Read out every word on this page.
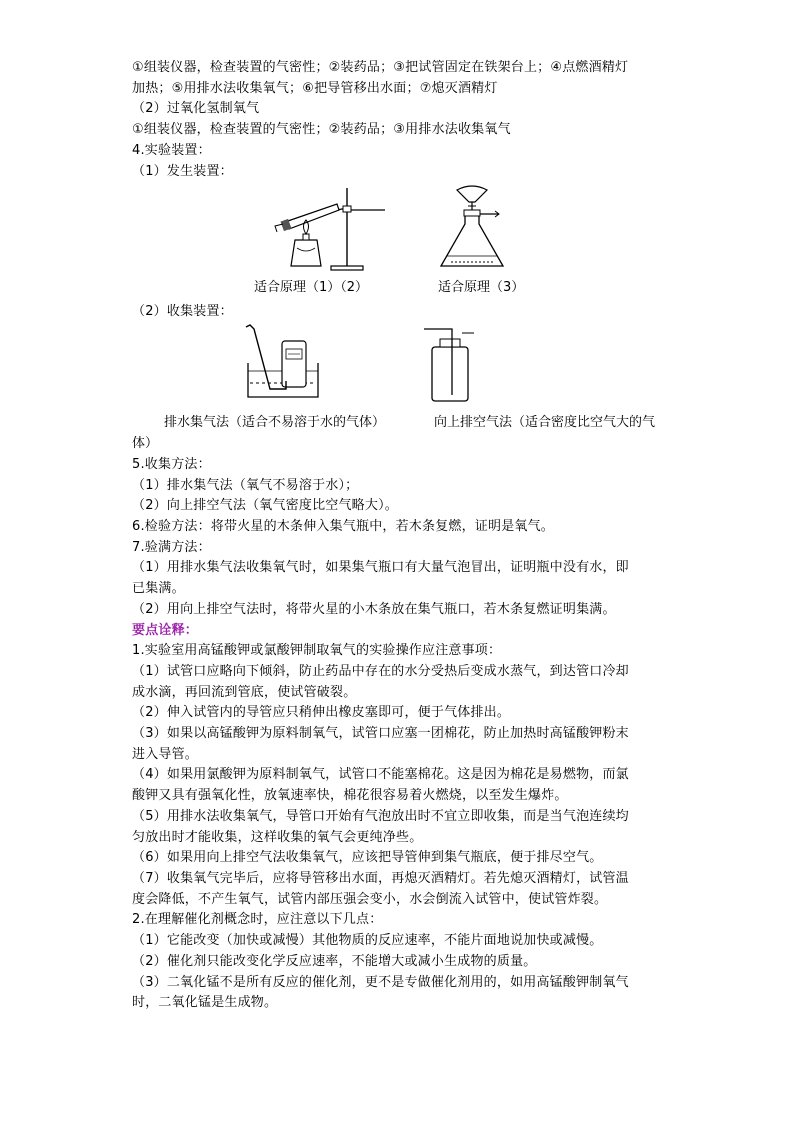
①组装仪器，检查装置的气密性；②装药品；③把试管固定在铁架台上；④点燃酒精灯
加热；⑤用排水法收集氧气；⑥把导管移出水面；⑦熄灭酒精灯
（2）过氧化氢制氧气
①组装仪器，检查装置的气密性；②装药品；③用排水法收集氧气
4.实验装置：
（1）发生装置：
适合原理（1）（2）	适合原理（3）
（2）收集装置：
排水集气法（适合不易溶于水的气体）	向上排空气法（适合密度比空气大的气
体）
5.收集方法：
（1）排水集气法（氧气不易溶于水）；
（2）向上排空气法（氧气密度比空气略大）。
6.检验方法：将带火星的木条伸入集气瓶中，若木条复燃，证明是氧气。
7.验满方法：
（1）用排水集气法收集氧气时，如果集气瓶口有大量气泡冒出，证明瓶中没有水，即
已集满。
（2）用向上排空气法时，将带火星的小木条放在集气瓶口，若木条复燃证明集满。
要点诠释：
1.实验室用高锰酸钾或氯酸钾制取氧气的实验操作应注意事项：
（1）试管口应略向下倾斜，防止药品中存在的水分受热后变成水蒸气，到达管口冷却
成水滴，再回流到管底，使试管破裂。
（2）伸入试管内的导管应只稍伸出橡皮塞即可，便于气体排出。
（3）如果以高锰酸钾为原料制氧气，试管口应塞一团棉花，防止加热时高锰酸钾粉末
进入导管。
（4）如果用氯酸钾为原料制氧气，试管口不能塞棉花。这是因为棉花是易燃物，而氯
酸钾又具有强氧化性，放氧速率快，棉花很容易着火燃烧，以至发生爆炸。
（5）用排水法收集氧气，导管口开始有气泡放出时不宜立即收集，而是当气泡连续均
匀放出时才能收集，这样收集的氧气会更纯净些。
（6）如果用向上排空气法收集氧气，应该把导管伸到集气瓶底，便于排尽空气。
（7）收集氧气完毕后，应将导管移出水面，再熄灭酒精灯。若先熄灭酒精灯，试管温
度会降低，不产生氧气，试管内部压强会变小，水会倒流入试管中，使试管炸裂。
2.在理解催化剂概念时，应注意以下几点：
（1）它能改变（加快或减慢）其他物质的反应速率，不能片面地说加快或减慢。
（2）催化剂只能改变化学反应速率，不能增大或减小生成物的质量。
（3）二氧化锰不是所有反应的催化剂，更不是专做催化剂用的，如用高锰酸钾制氧气
时，二氧化锰是生成物。
